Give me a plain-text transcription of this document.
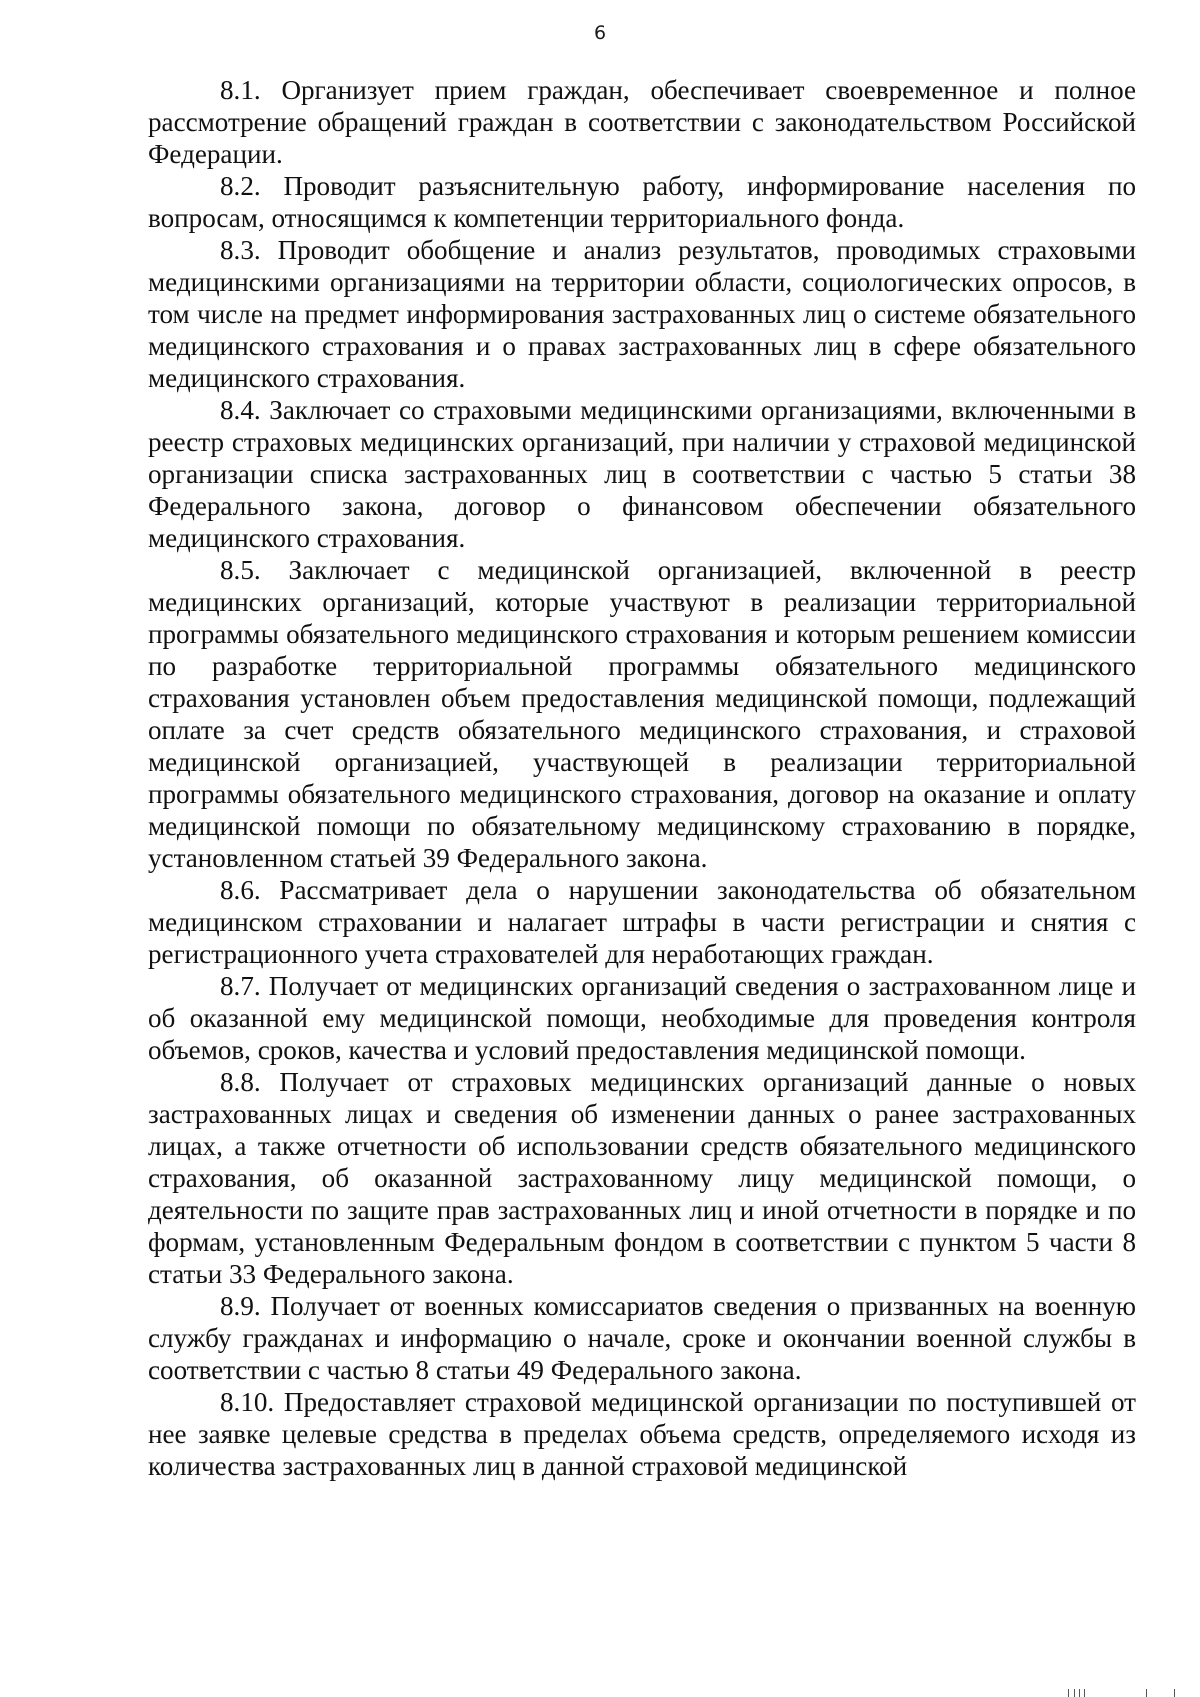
6

8.1. Организует прием граждан, обеспечивает своевременное и полное рассмотрение обращений граждан в соответствии с законодательством Российской Федерации.

8.2. Проводит разъяснительную работу, информирование населения по вопросам, относящимся к компетенции территориального фонда.

8.3. Проводит обобщение и анализ результатов, проводимых страховыми медицинскими организациями на территории области, социологических опросов, в том числе на предмет информирования застрахованных лиц о системе обязательного медицинского страхования и о правах застрахованных лиц в сфере обязательного медицинского страхования.

8.4. Заключает со страховыми медицинскими организациями, включенными в реестр страховых медицинских организаций, при наличии у страховой медицинской организации списка застрахованных лиц в соответствии с частью 5 статьи 38 Федерального закона, договор о финансовом обеспечении обязательного медицинского страхования.

8.5. Заключает с медицинской организацией, включенной в реестр медицинских организаций, которые участвуют в реализации территориальной программы обязательного медицинского страхования и которым решением комиссии по разработке территориальной программы обязательного медицинского страхования установлен объем предоставления медицинской помощи, подлежащий оплате за счет средств обязательного медицинского страхования, и страховой медицинской организацией, участвующей в реализации территориальной программы обязательного медицинского страхования, договор на оказание и оплату медицинской помощи по обязательному медицинскому страхованию в порядке, установленном статьей 39 Федерального закона.

8.6. Рассматривает дела о нарушении законодательства об обязательном медицинском страховании и налагает штрафы в части регистрации и снятия с регистрационного учета страхователей для неработающих граждан.

8.7. Получает от медицинских организаций сведения о застрахованном лице и об оказанной ему медицинской помощи, необходимые для проведения контроля объемов, сроков, качества и условий предоставления медицинской помощи.

8.8. Получает от страховых медицинских организаций данные о новых застрахованных лицах и сведения об изменении данных о ранее застрахованных лицах, а также отчетности об использовании средств обязательного медицинского страхования, об оказанной застрахованному лицу медицинской помощи, о деятельности по защите прав застрахованных лиц и иной отчетности в порядке и по формам, установленным Федеральным фондом в соответствии с пунктом 5 части 8 статьи 33 Федерального закона.

8.9. Получает от военных комиссариатов сведения о призванных на военную службу гражданах и информацию о начале, сроке и окончании военной службы в соответствии с частью 8 статьи 49 Федерального закона.

8.10. Предоставляет страховой медицинской организации по поступившей от нее заявке целевые средства в пределах объема средств, определяемого исходя из количества застрахованных лиц в данной страховой медицинской
